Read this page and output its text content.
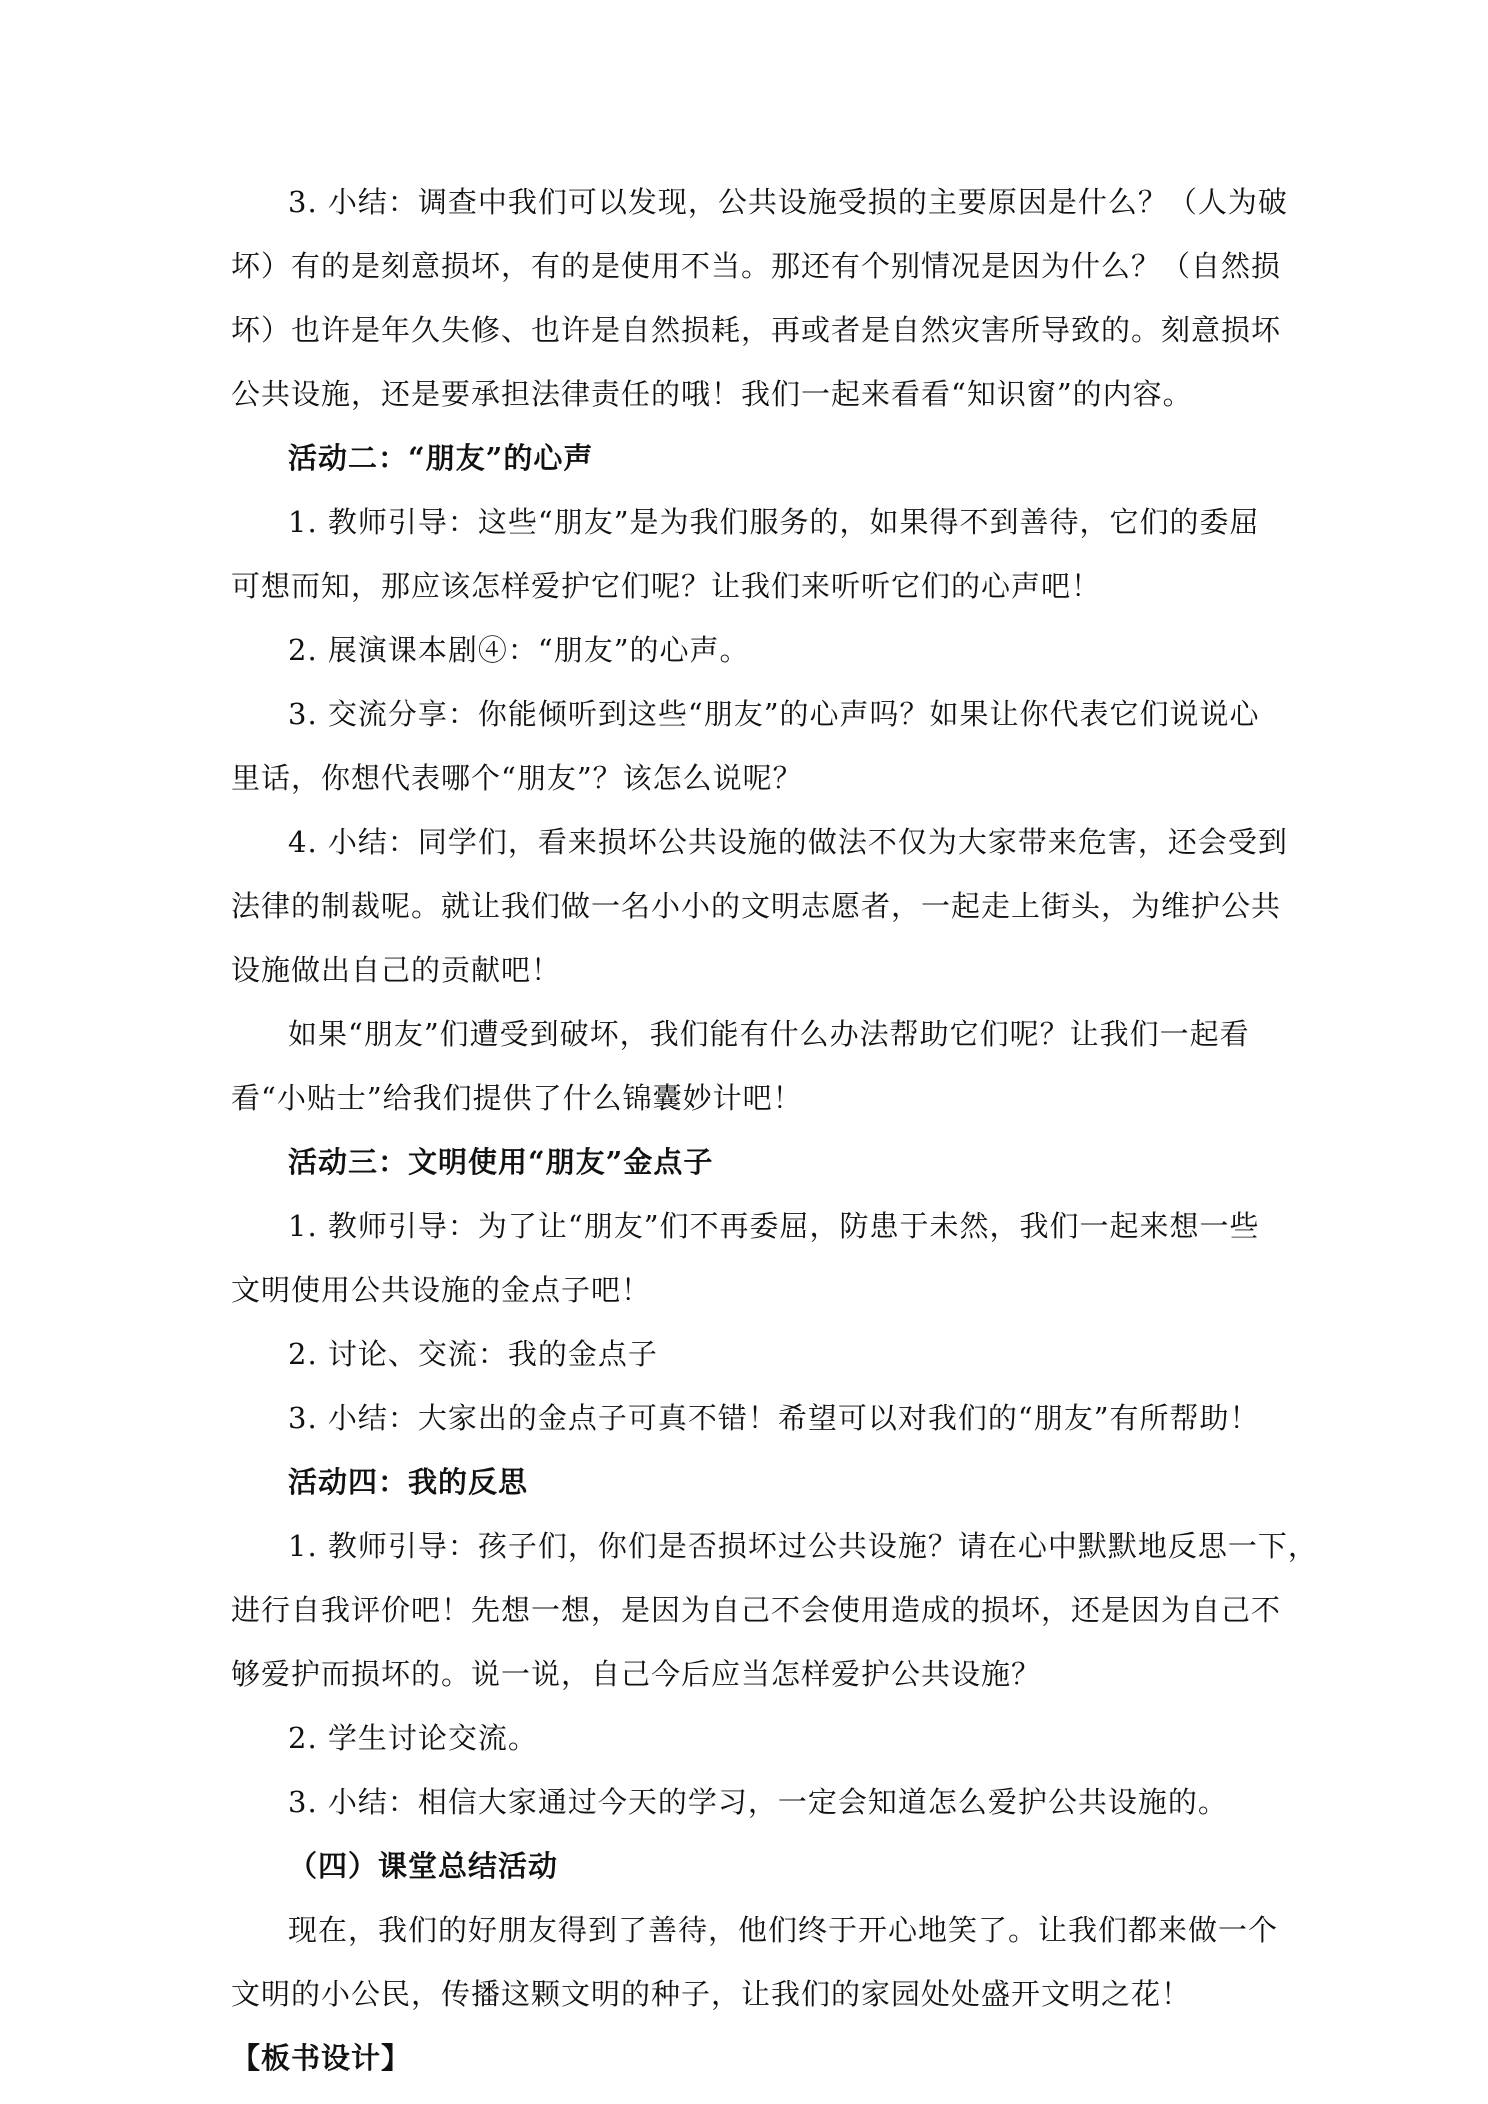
3. 小结：调查中我们可以发现，公共设施受损的主要原因是什么？（人为破
坏）有的是刻意损坏，有的是使用不当。那还有个别情况是因为什么？（自然损
坏）也许是年久失修、也许是自然损耗，再或者是自然灾害所导致的。刻意损坏
公共设施，还是要承担法律责任的哦！我们一起来看看“知识窗”的内容。
活动二：“朋友”的心声
1. 教师引导：这些“朋友”是为我们服务的，如果得不到善待，它们的委屈
可想而知，那应该怎样爱护它们呢？让我们来听听它们的心声吧！
2. 展演课本剧④：“朋友”的心声。
3. 交流分享：你能倾听到这些“朋友”的心声吗？如果让你代表它们说说心
里话，你想代表哪个“朋友”？该怎么说呢？
4. 小结：同学们，看来损坏公共设施的做法不仅为大家带来危害，还会受到
法律的制裁呢。就让我们做一名小小的文明志愿者，一起走上街头，为维护公共
设施做出自己的贡献吧！
如果“朋友”们遭受到破坏，我们能有什么办法帮助它们呢？让我们一起看
看“小贴士”给我们提供了什么锦囊妙计吧！
活动三：文明使用“朋友”金点子
1. 教师引导：为了让“朋友”们不再委屈，防患于未然，我们一起来想一些
文明使用公共设施的金点子吧！
2. 讨论、交流：我的金点子
3. 小结：大家出的金点子可真不错！希望可以对我们的“朋友”有所帮助！
活动四：我的反思
1. 教师引导：孩子们，你们是否损坏过公共设施？请在心中默默地反思一下，
进行自我评价吧！先想一想，是因为自己不会使用造成的损坏，还是因为自己不
够爱护而损坏的。说一说，自己今后应当怎样爱护公共设施？
2. 学生讨论交流。
3. 小结：相信大家通过今天的学习，一定会知道怎么爱护公共设施的。
（四）课堂总结活动
现在，我们的好朋友得到了善待，他们终于开心地笑了。让我们都来做一个
文明的小公民，传播这颗文明的种子，让我们的家园处处盛开文明之花！
【板书设计】
